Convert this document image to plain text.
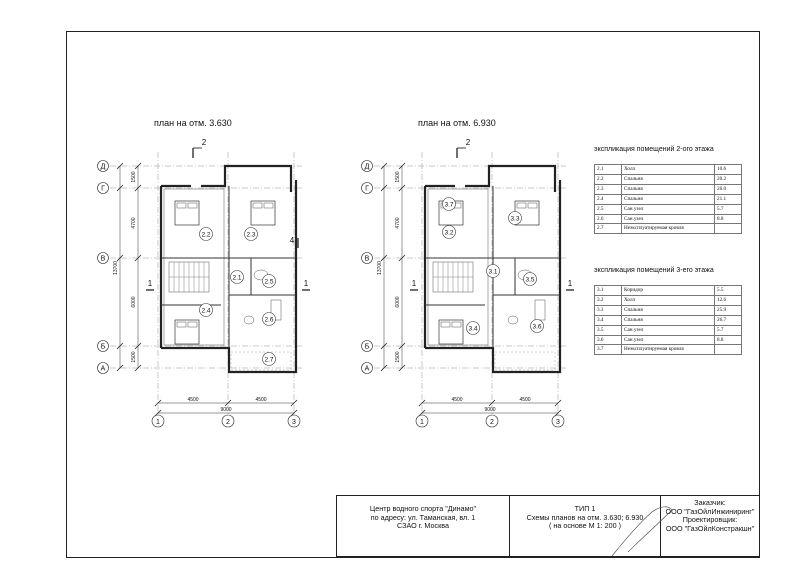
план на отм. 3.630	план на отм. 6.930
Д
Г
В
Б
А
1	2	3
13700
1500
4700
6000
1500
4500	4500
9000
2
1	1
4
2.1
2.2	2.3
2.4
2.5
2.6
2.7
Д
Г
В
Б
А
1	2	3
13700
1500
4700
6000
1500
4500	4500
9000
2
1	1
3.1
3.2
3.3
3.4
3.5
3.6
3.7
экспликация помещений 2-ого этажа
2.1	Холл	10.6
2.2	Спальня	20.2
2.3	Спальня	26.0
2.4	Спальня	21.1
2.5	Сан.узел	5.7
2.6	Сан.узел	8.8
2.7	Неэксплуатируемая кровля	
экспликация помещений 3-его этажа
3.1	Коридор	5.5
3.2	Холл	12.6
3.3	Спальня	25.9
3.4	Спальня	26.7
3.5	Сан.узел	5.7
3.6	Сан.узел	8.8
3.7	Неэксплуатируемая кровля	
Центр водного спорта "Динамо"
по адресу: ул. Таманская, вл. 1
СЗАО г. Москва
ТИП 1
Схемы планов на отм. 3.630; 6.930
( на основе М 1: 200 )
Заказчик:
ООО "ГазОйлИнжиниринг"
Проектировщик:
ООО "ГазОйлКонстракшн"
